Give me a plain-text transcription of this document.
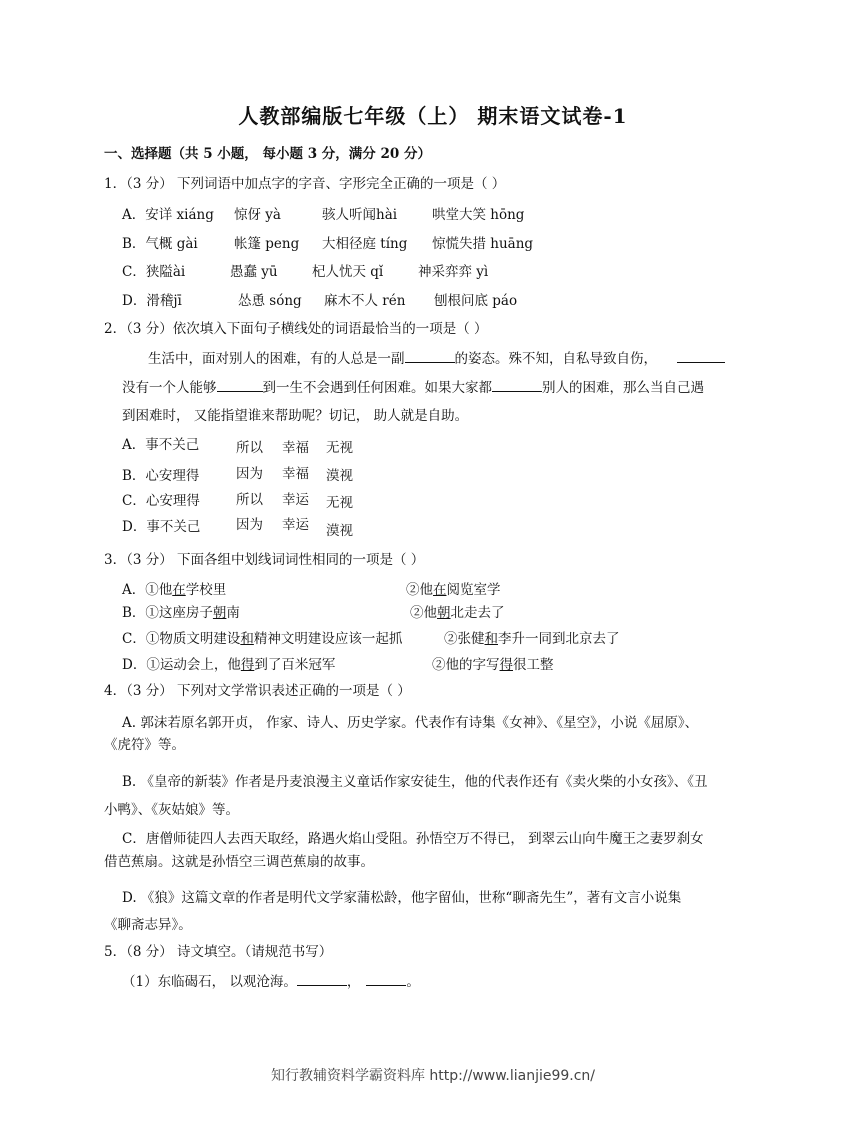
人教部编版七年级（上） 期末语文试卷-1
一、选择题（共 5 小题， 每小题 3 分，满分 20 分）
1．（3 分） 下列词语中加点字的字音、字形完全正确的一项是（ ）
A．安详 xiáng 惊伢 yà	骇人听闻hài	哄堂大笑 hōng
B．气概 gài	帐篷 peng 大相径庭 tíng 惊慌失措 huāng
C．狭隘ài	愚蠢 yū	杞人忧天 qǐ	神采弈弈 yì
D．滑稽jī	怂恿 sóng 麻木不人 rén 刨根问底 páo
2．（3 分）依次填入下面句子横线处的词语最恰当的一项是（ ）
生活中，面对别人的困难，有的人总是一副	的姿态。殊不知，自私导致自伤，
没有一个人能够	到一生不会遇到任何困难。如果大家都	别人的困难，那么当自己遇
到困难时， 又能指望谁来帮助呢？切记， 助人就是自助。
A．事不关己	所以 幸福 无视
B．心安理得	因为 幸福 漠视
C．心安理得	所以 幸运 无视
D．事不关己	因为 幸运 漠视
3．（3 分） 下面各组中划线词词性相同的一项是（ ）
A．①他在学校里	②他在阅览室学
B．①这座房子朝南	②他朝北走去了
C．①物质文明建设和精神文明建设应该一起抓	②张健和李升一同到北京去了
D．①运动会上，他得到了百米冠军	②他的字写得很工整
4．（3 分） 下列对文学常识表述正确的一项是（ ）
A. 郭沫若原名郭开贞， 作家、诗人、历史学家。代表作有诗集《女神》、《星空》，小说《屈原》、
《虎符》等。
B. 《皇帝的新装》作者是丹麦浪漫主义童话作家安徒生，他的代表作还有《卖火柴的小女孩》、《丑
小鸭》、《灰姑娘》等。
C．唐僧师徒四人去西天取经，路遇火焰山受阻。孙悟空万不得已， 到翠云山向牛魔王之妻罗刹女
借芭蕉扇。这就是孙悟空三调芭蕉扇的故事。
D. 《狼》这篇文章的作者是明代文学家蒲松龄，他字留仙，世称“聊斋先生”，著有文言小说集
《聊斋志异》。
5．（8 分） 诗文填空。（请规范书写）
（1）东临碣石， 以观沧海。	，	。
知行教辅资料学霸资料库 http://www.lianjie99.cn/
